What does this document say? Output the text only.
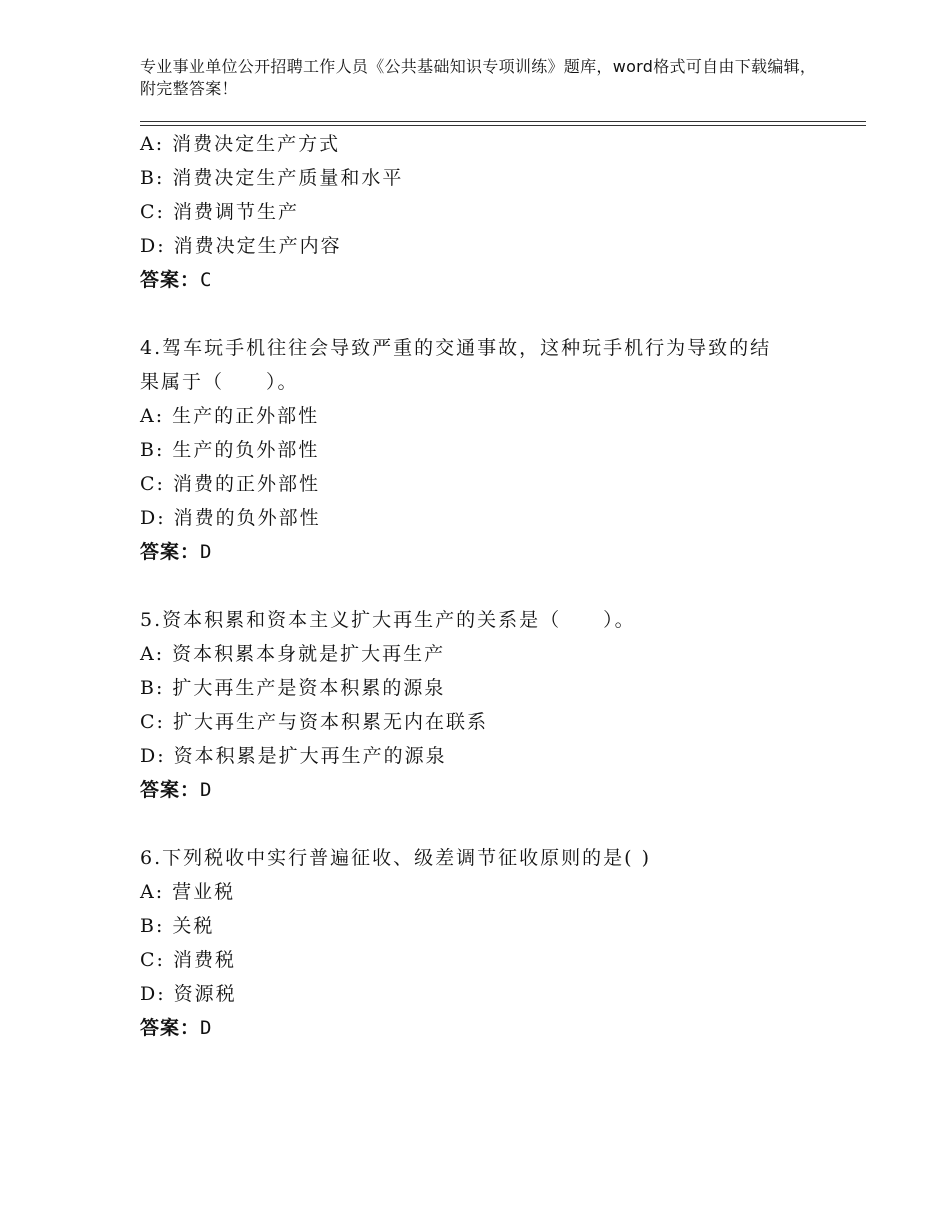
专业事业单位公开招聘工作人员《公共基础知识专项训练》题库，word格式可自由下载编辑，附完整答案！
A: 消费决定生产方式
B: 消费决定生产质量和水平
C: 消费调节生产
D: 消费决定生产内容
答案：C
4.驾车玩手机往往会导致严重的交通事故，这种玩手机行为导致的结
果属于（　　）。
A: 生产的正外部性
B: 生产的负外部性
C: 消费的正外部性
D: 消费的负外部性
答案：D
5.资本积累和资本主义扩大再生产的关系是（　　）。
A: 资本积累本身就是扩大再生产
B: 扩大再生产是资本积累的源泉
C: 扩大再生产与资本积累无内在联系
D: 资本积累是扩大再生产的源泉
答案：D
6.下列税收中实行普遍征收、级差调节征收原则的是( )
A: 营业税
B: 关税
C: 消费税
D: 资源税
答案：D
